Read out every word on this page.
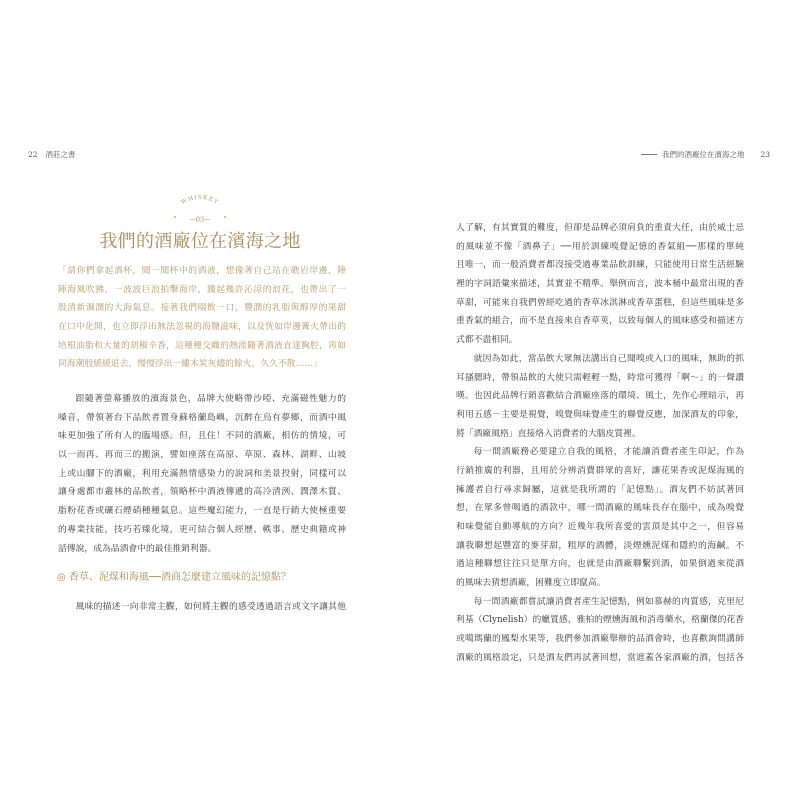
22 酒莊之書
WHISKEY
03
我們的酒廠位在濱海之地
「請你們拿起酒杯，聞一聞杯中的酒液，想像著自己站在礁岩岸邊，陣
陣海風吹拂，一波波巨浪拍擊海岸，濺起幾許沁涼的浪花，也帶出了一
股清新濕潤的大海氣息。接著我們啜飲一口，豐潤的乳脂與醇厚的果甜
在口中化開，也立即浮出無法忽視的海鹽滋味，以及恍如岸邊篝火帶出的
培根油脂和大量的胡椒辛香，這種種交織的熱流隨著酒液直達胸腔，再如
同海潮般緩緩退去，慢慢浮出一縷木炭灰燼的餘火，久久不散……」
跟隨著螢幕播放的濱海景色，品牌大使略帶沙啞、充滿磁性魅力的
嗓音，帶領著台下品飲者置身蘇格蘭島嶼，沉醉在烏有夢鄉，而酒中風
味更加強了所有人的臨場感。但，且住！不同的酒廠，相仿的情境，可
以一而再、再而三的搬演，譬如座落在高原、草原、森林、湖畔、山坡
上或山腳下的酒廠，利用充滿熱情感染力的說詞和美景投射，同樣可以
讓身處都市叢林的品飲者，領略杯中酒液傳遞的高冷清洌、潤澤木質、
脂粉花香或礦石煙硝種種氣息。這些魔幻能力，一直是行銷大使極重要
的專業技能，技巧若臻化境，更可結合個人經歷、軼事、歷史典籍或神
話傳說，成為品酒會中的最佳推銷利器。
◎ 香草、泥煤和海風──酒商怎麼建立風味的記憶點？
風味的描述一向非常主觀，如何將主觀的感受透過語言或文字讓其他
我們的酒廠位在濱海之地 23
人了解，有其實質的難度，但卻是品牌必須肩負的重責大任，由於威士忌
的風味並不像「酒鼻子」──用於訓練嗅覺記憶的香氣組──那樣的單純
且唯一，而一般消費者都沒接受過專業品飲訓練，只能使用日常生活經驗
裡的字詞語彙來描述，其實並不精準。舉例而言，波本桶中最常出現的香
草甜，可能來自我們曾經吃過的香草冰淇淋或香草蛋糕，但這些風味是多
重香氣的組合，而不是直接來自香草莢，以致每個人的風味感受和描述方
式都不盡相同。
就因為如此，當品飲大眾無法講出自己聞嗅或入口的風味，無助的抓
耳搔腮時，帶領品飲的大使只需輕輕一點，時常可獲得「啊～」的一聲讚
嘆。也因此品牌行銷喜歡結合酒廠座落的環境、風土，先作心理暗示，再
利用五感－主要是視覺，嗅覺與味覺產生的聯覺反應，加深酒友的印象，
將「酒廠風格」直接烙入消費者的大腦皮質裡。
每一間酒廠務必要建立自我的風格，才能讓消費者產生印記，作為
行銷推廣的利器，且用於分辨消費群眾的喜好，讓花果香或泥煤海風的
擁護者自行尋求歸屬，這就是我所謂的「記憶點」。酒友們不妨試著回
想，在眾多曾喝過的酒款中，哪一間酒廠的風味長存在腦中，成為嗅覺
和味覺能自動導航的方向？近幾年我所喜愛的雲頂是其中之一，但容易
讓我聯想起豐富的麥芽甜，粗厚的酒體，淡煙燻泥煤和隱約的海鹹。不
過這種聯想往往只是單方向，也就是由酒廠聯繫到酒，如果倒過來從酒
的風味去猜想酒廠，困難度立即竄高。
每一間酒廠都嘗試讓消費者產生記憶點，例如慕赫的肉質感，克里尼
利基（Clynelish）的蠟質感，雅柏的煙燻海風和消毒藥水，格蘭傑的花香
或噶瑪蘭的鳳梨水果等，我們參加酒廠舉辦的品酒會時，也喜歡詢問講師
酒廠的風格設定，只是酒友們再試著回想，當遮蓋各家酒廠的酒，包括各
